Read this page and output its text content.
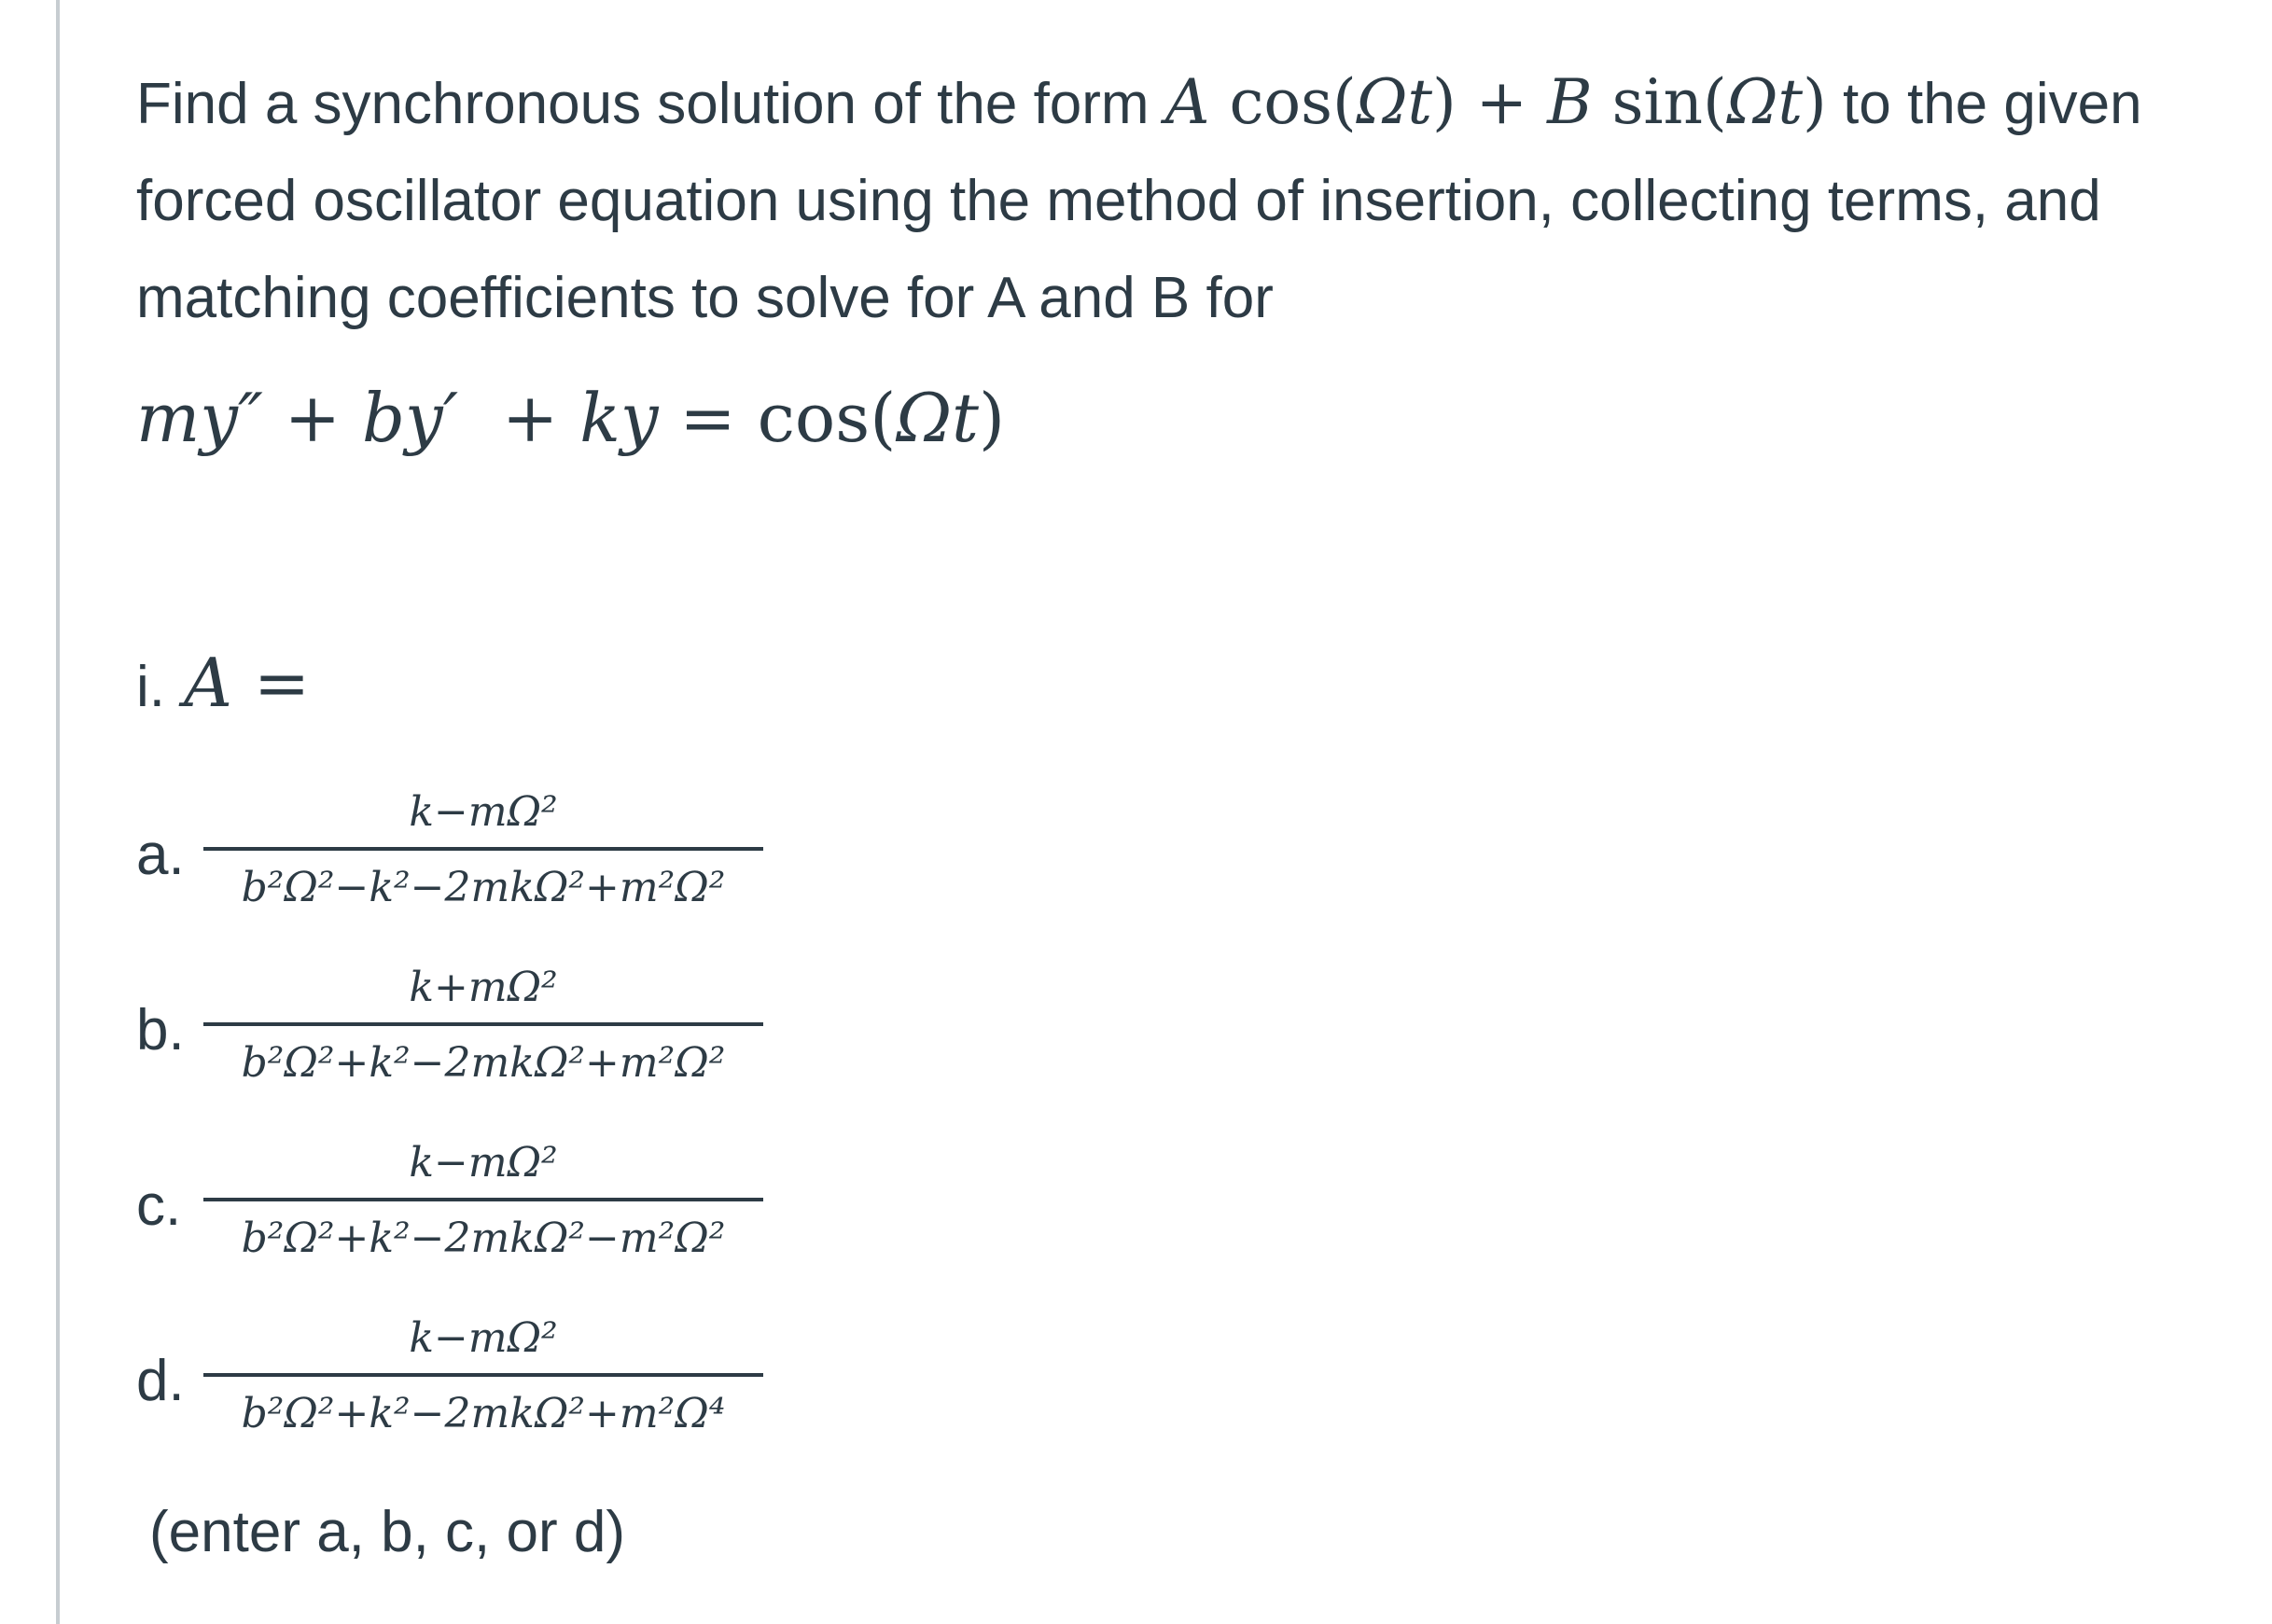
Find a synchronous solution of the form A cos(Ωt) + B sin(Ωt) to the given forced oscillator equation using the method of insertion, collecting terms, and matching coefficients to solve for A and B for
my″ + by′ + ky = cos(Ωt)
i. A =
a.
k−mΩ²
b²Ω²−k²−2mkΩ²+m²Ω²
b.
k+mΩ²
b²Ω²+k²−2mkΩ²+m²Ω²
c.
k−mΩ²
b²Ω²+k²−2mkΩ²−m²Ω²
d.
k−mΩ²
b²Ω²+k²−2mkΩ²+m²Ω⁴
(enter a, b, c, or d)
